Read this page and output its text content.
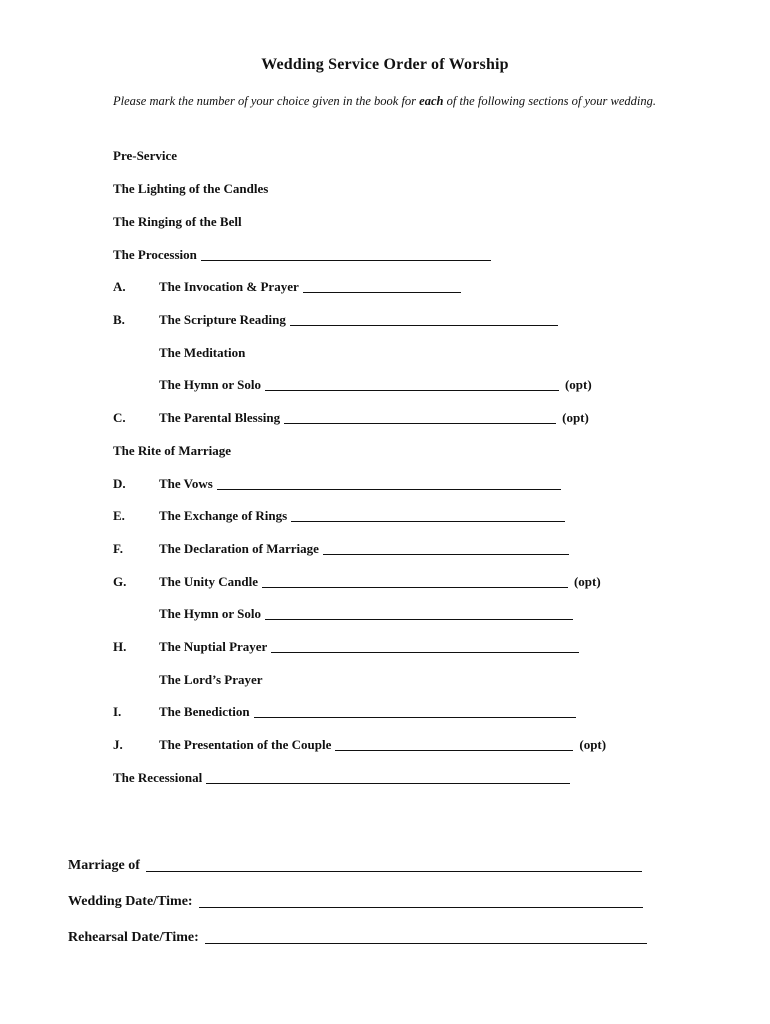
Wedding Service Order of Worship
Please mark the number of your choice given in the book for each of the following sections of your wedding.
Pre-Service
The Lighting of the Candles
The Ringing of the Bell
The Procession
A.	The Invocation & Prayer
B.	The Scripture Reading
The Meditation
The Hymn or Solo	(opt)
C.	The Parental Blessing	(opt)
The Rite of Marriage
D.	The Vows
E.	The Exchange of Rings
F.	The Declaration of Marriage
G.	The Unity Candle	(opt)
The Hymn or Solo
H.	The Nuptial Prayer
The Lord’s Prayer
I.	The Benediction
J.	The Presentation of the Couple	(opt)
The Recessional
Marriage of
Wedding Date/Time:
Rehearsal Date/Time:
